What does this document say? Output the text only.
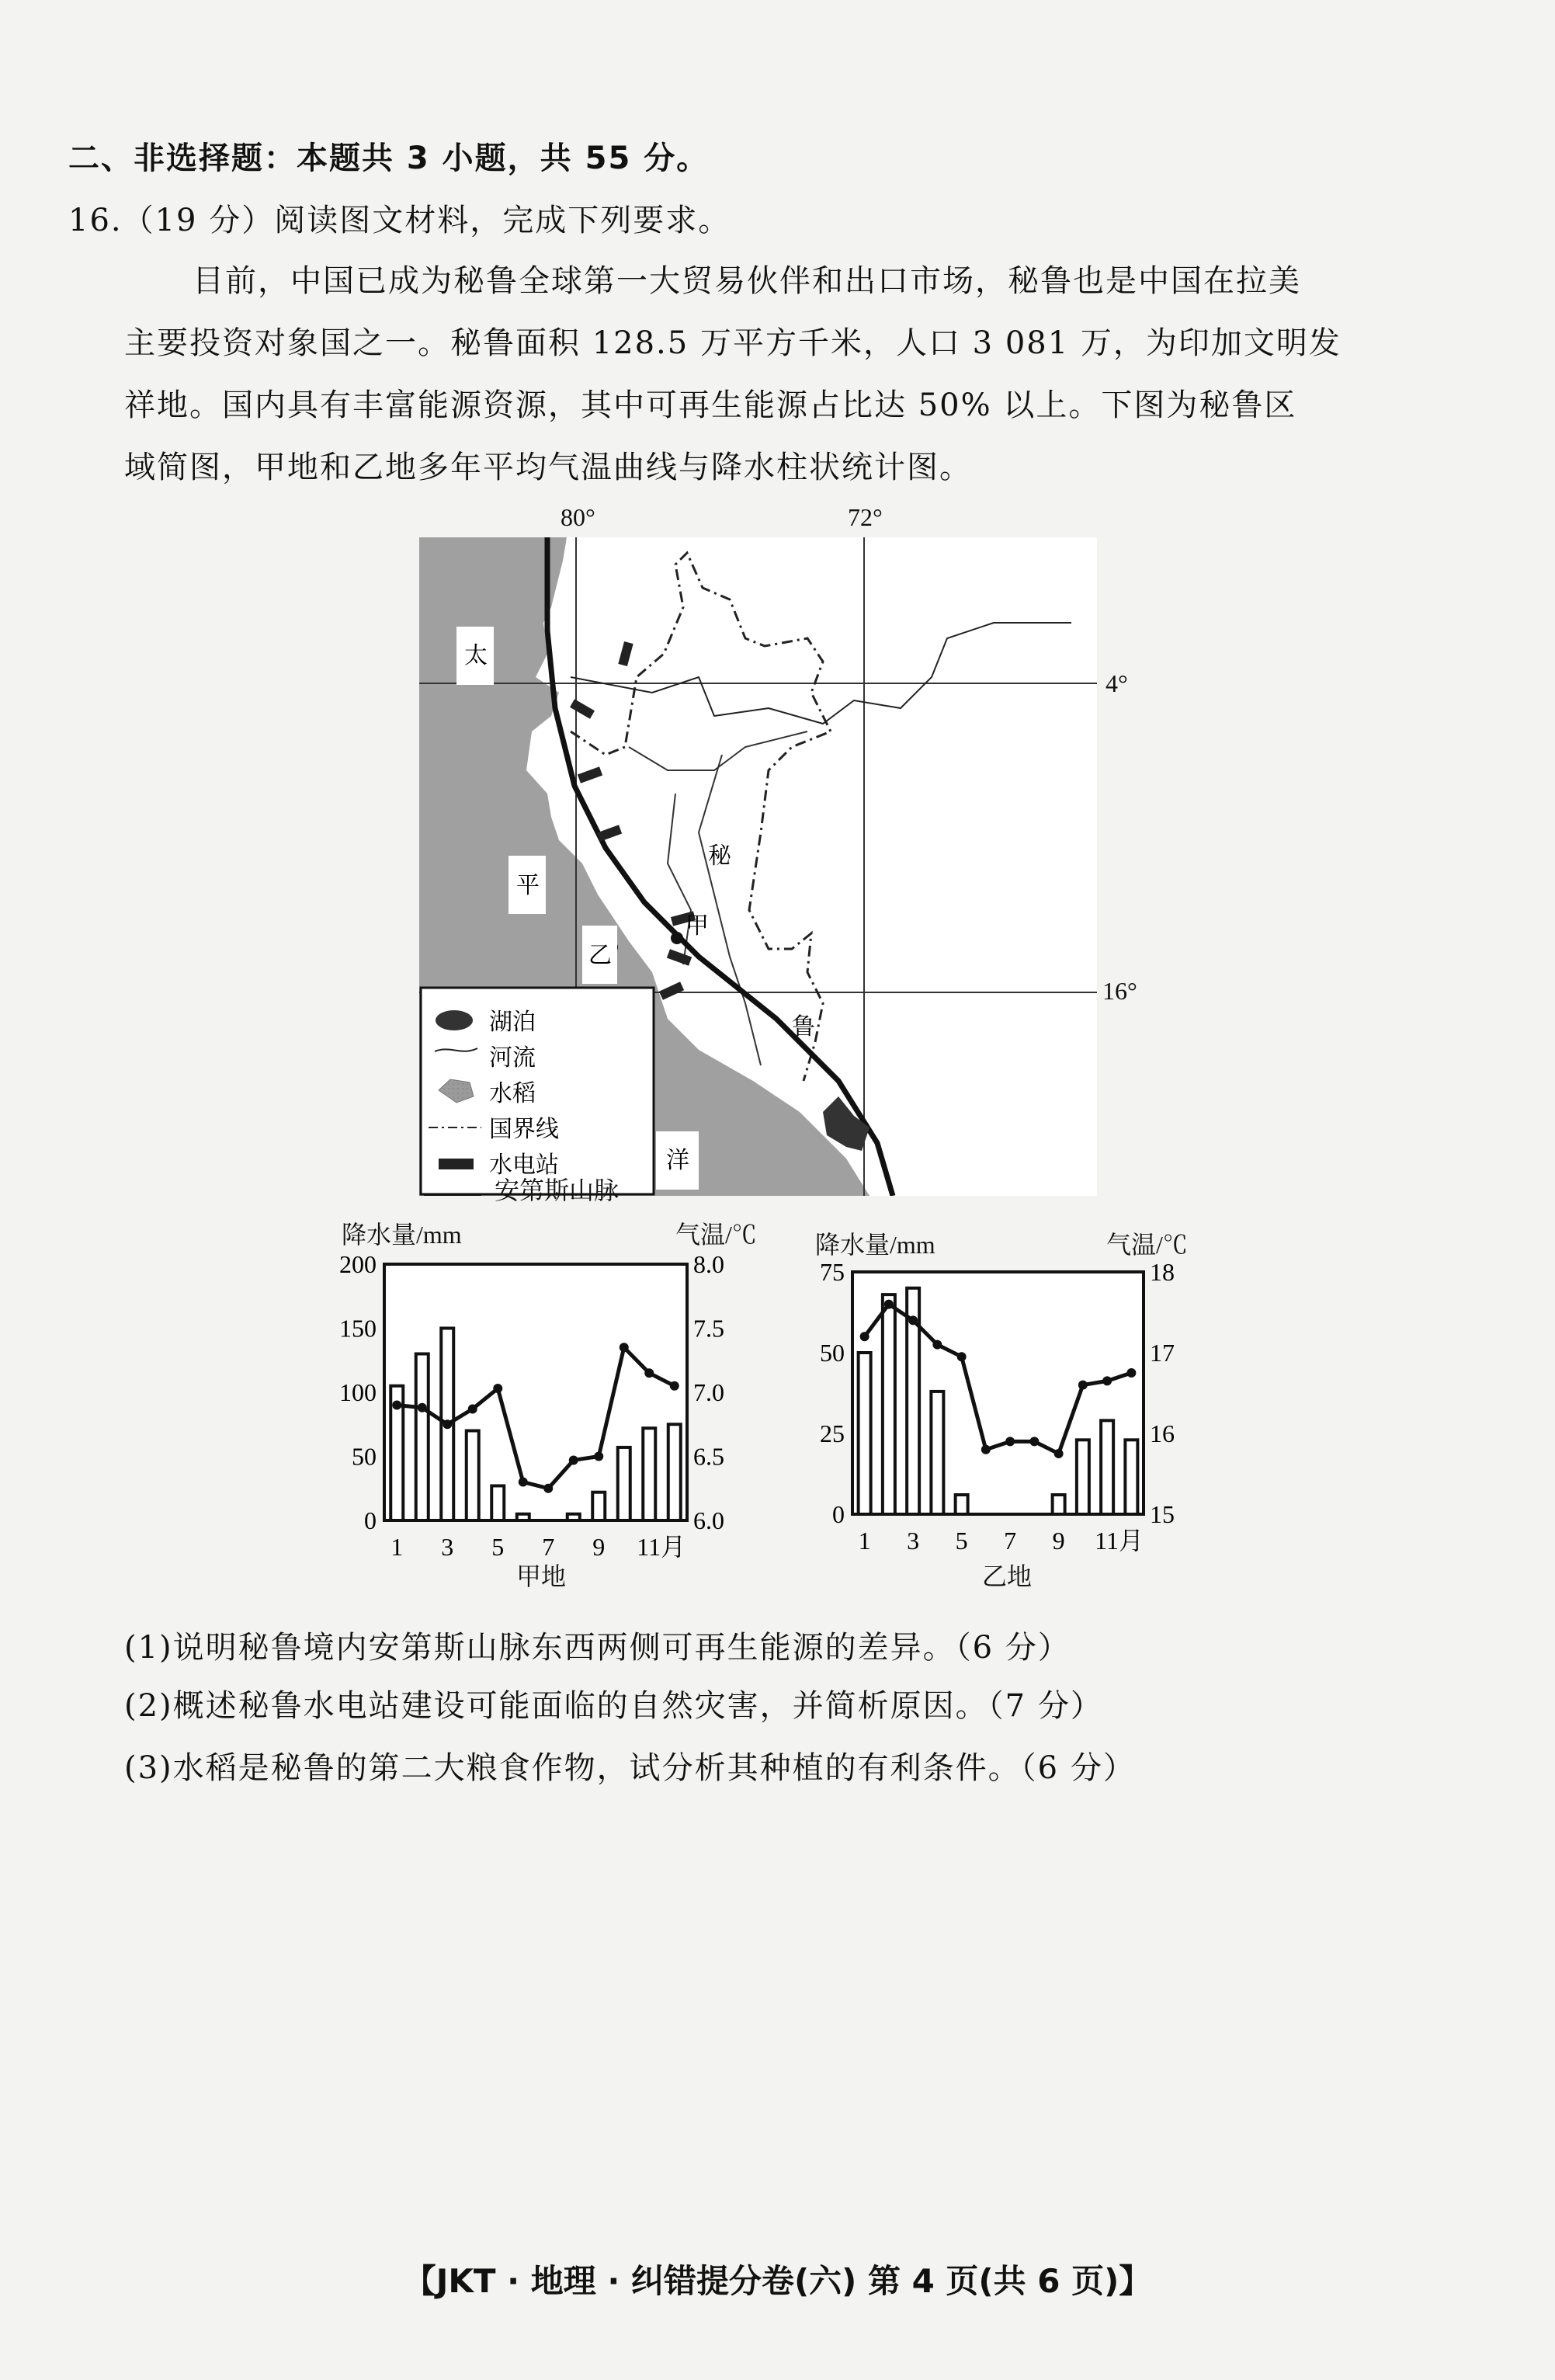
二、非选择题：本题共 3 小题，共 55 分。
16.（19 分）阅读图文材料，完成下列要求。
目前，中国已成为秘鲁全球第一大贸易伙伴和出口市场，秘鲁也是中国在拉美
主要投资对象国之一。秘鲁面积 128.5 万平方千米，人口 3 081 万，为印加文明发
祥地。国内具有丰富能源资源，其中可再生能源占比达 50% 以上。下图为秘鲁区
域简图，甲地和乙地多年平均气温曲线与降水柱状统计图。
80°	72°
4°
16°
太
平
洋
乙
甲
秘
鲁
湖泊
河流
水稻
国界线
水电站
安第斯山脉
降水量/mm	气温/℃
0
50
100
150
200
6.0
6.5
7.0
7.5
8.0
1 3 5 7 9 11月
甲地
降水量/mm	气温/℃
0
25
50
75
15
16
17
18
1 3 5 7 9 11月
乙地
(1)说明秘鲁境内安第斯山脉东西两侧可再生能源的差异。（6 分）
(2)概述秘鲁水电站建设可能面临的自然灾害，并简析原因。（7 分）
(3)水稻是秘鲁的第二大粮食作物，试分析其种植的有利条件。（6 分）
【JKT · 地理 · 纠错提分卷(六) 第 4 页(共 6 页)】
